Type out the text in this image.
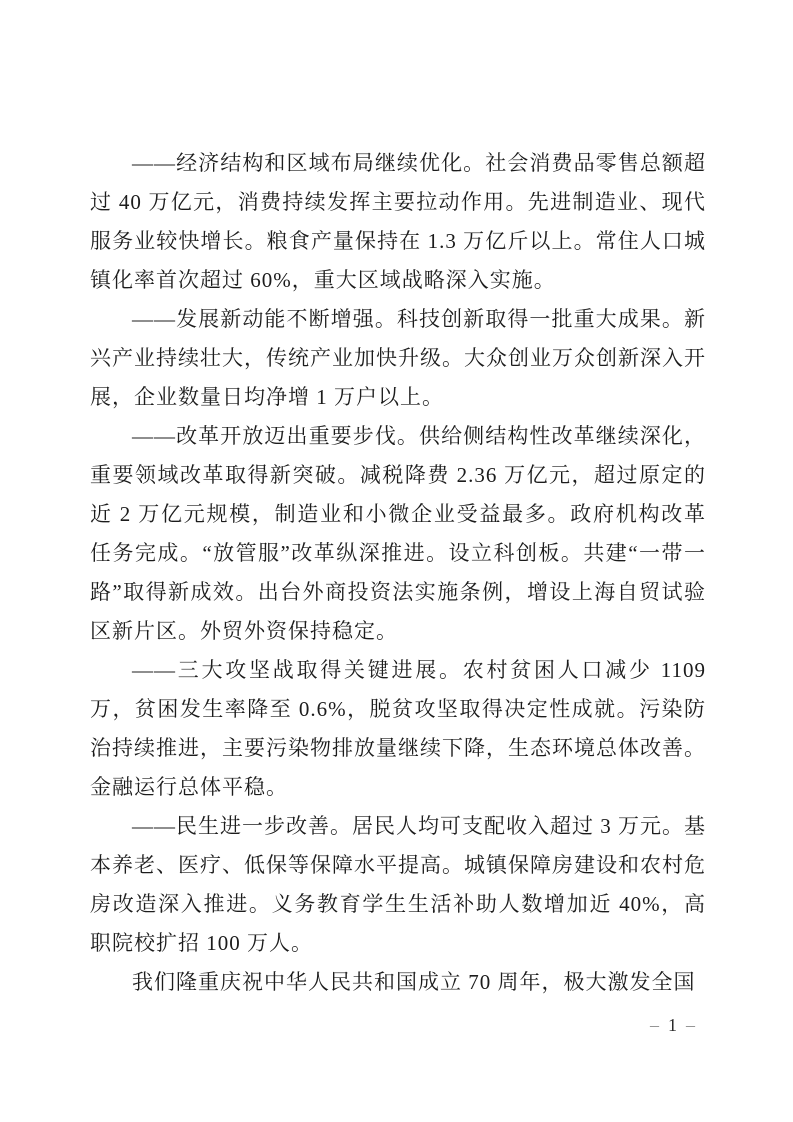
——经济结构和区域布局继续优化。社会消费品零售总额超过 40 万亿元，消费持续发挥主要拉动作用。先进制造业、现代服务业较快增长。粮食产量保持在 1.3 万亿斤以上。常住人口城镇化率首次超过 60%，重大区域战略深入实施。

——发展新动能不断增强。科技创新取得一批重大成果。新兴产业持续壮大，传统产业加快升级。大众创业万众创新深入开展，企业数量日均净增 1 万户以上。

——改革开放迈出重要步伐。供给侧结构性改革继续深化，重要领域改革取得新突破。减税降费 2.36 万亿元，超过原定的近 2 万亿元规模，制造业和小微企业受益最多。政府机构改革任务完成。“放管服”改革纵深推进。设立科创板。共建“一带一路”取得新成效。出台外商投资法实施条例，增设上海自贸试验区新片区。外贸外资保持稳定。

——三大攻坚战取得关键进展。农村贫困人口减少 1109 万，贫困发生率降至 0.6%，脱贫攻坚取得决定性成就。污染防治持续推进，主要污染物排放量继续下降，生态环境总体改善。金融运行总体平稳。

——民生进一步改善。居民人均可支配收入超过 3 万元。基本养老、医疗、低保等保障水平提高。城镇保障房建设和农村危房改造深入推进。义务教育学生生活补助人数增加近 40%，高职院校扩招 100 万人。

我们隆重庆祝中华人民共和国成立 70 周年，极大激发全国

– 1 –
